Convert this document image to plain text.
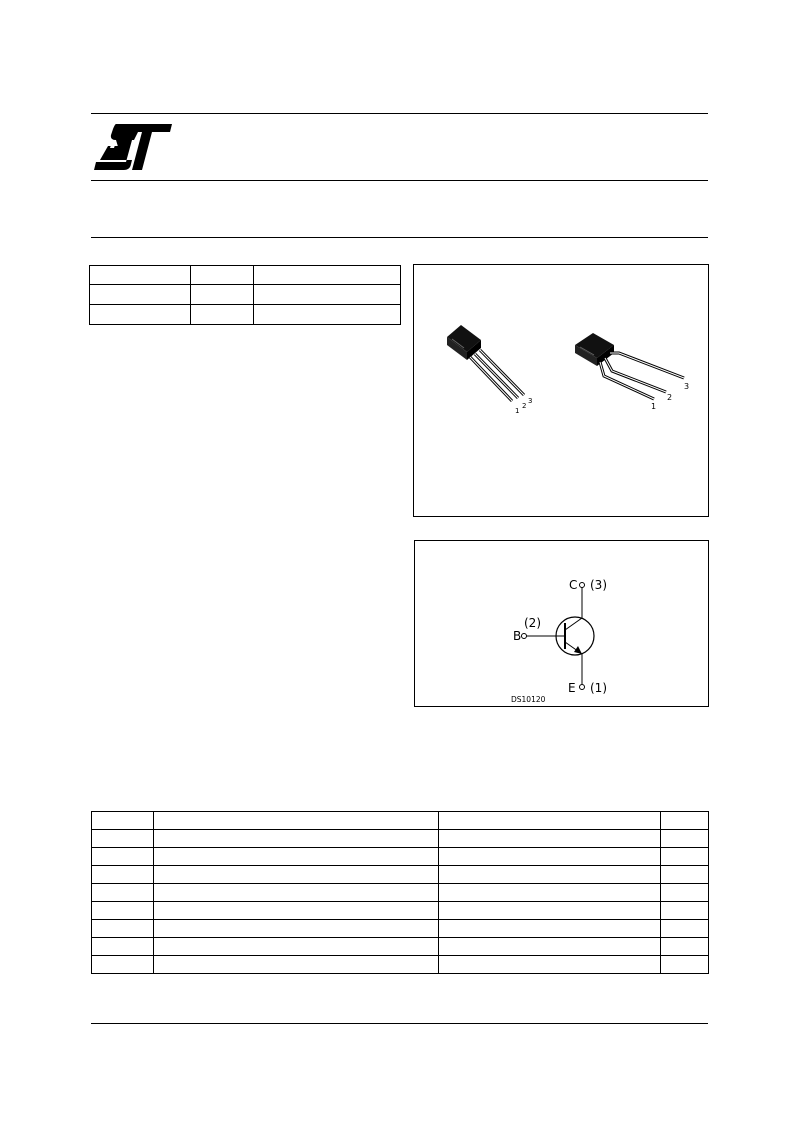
1
2
3
1
2
3
C (3)
B
(2)
E (1)
DS10120
